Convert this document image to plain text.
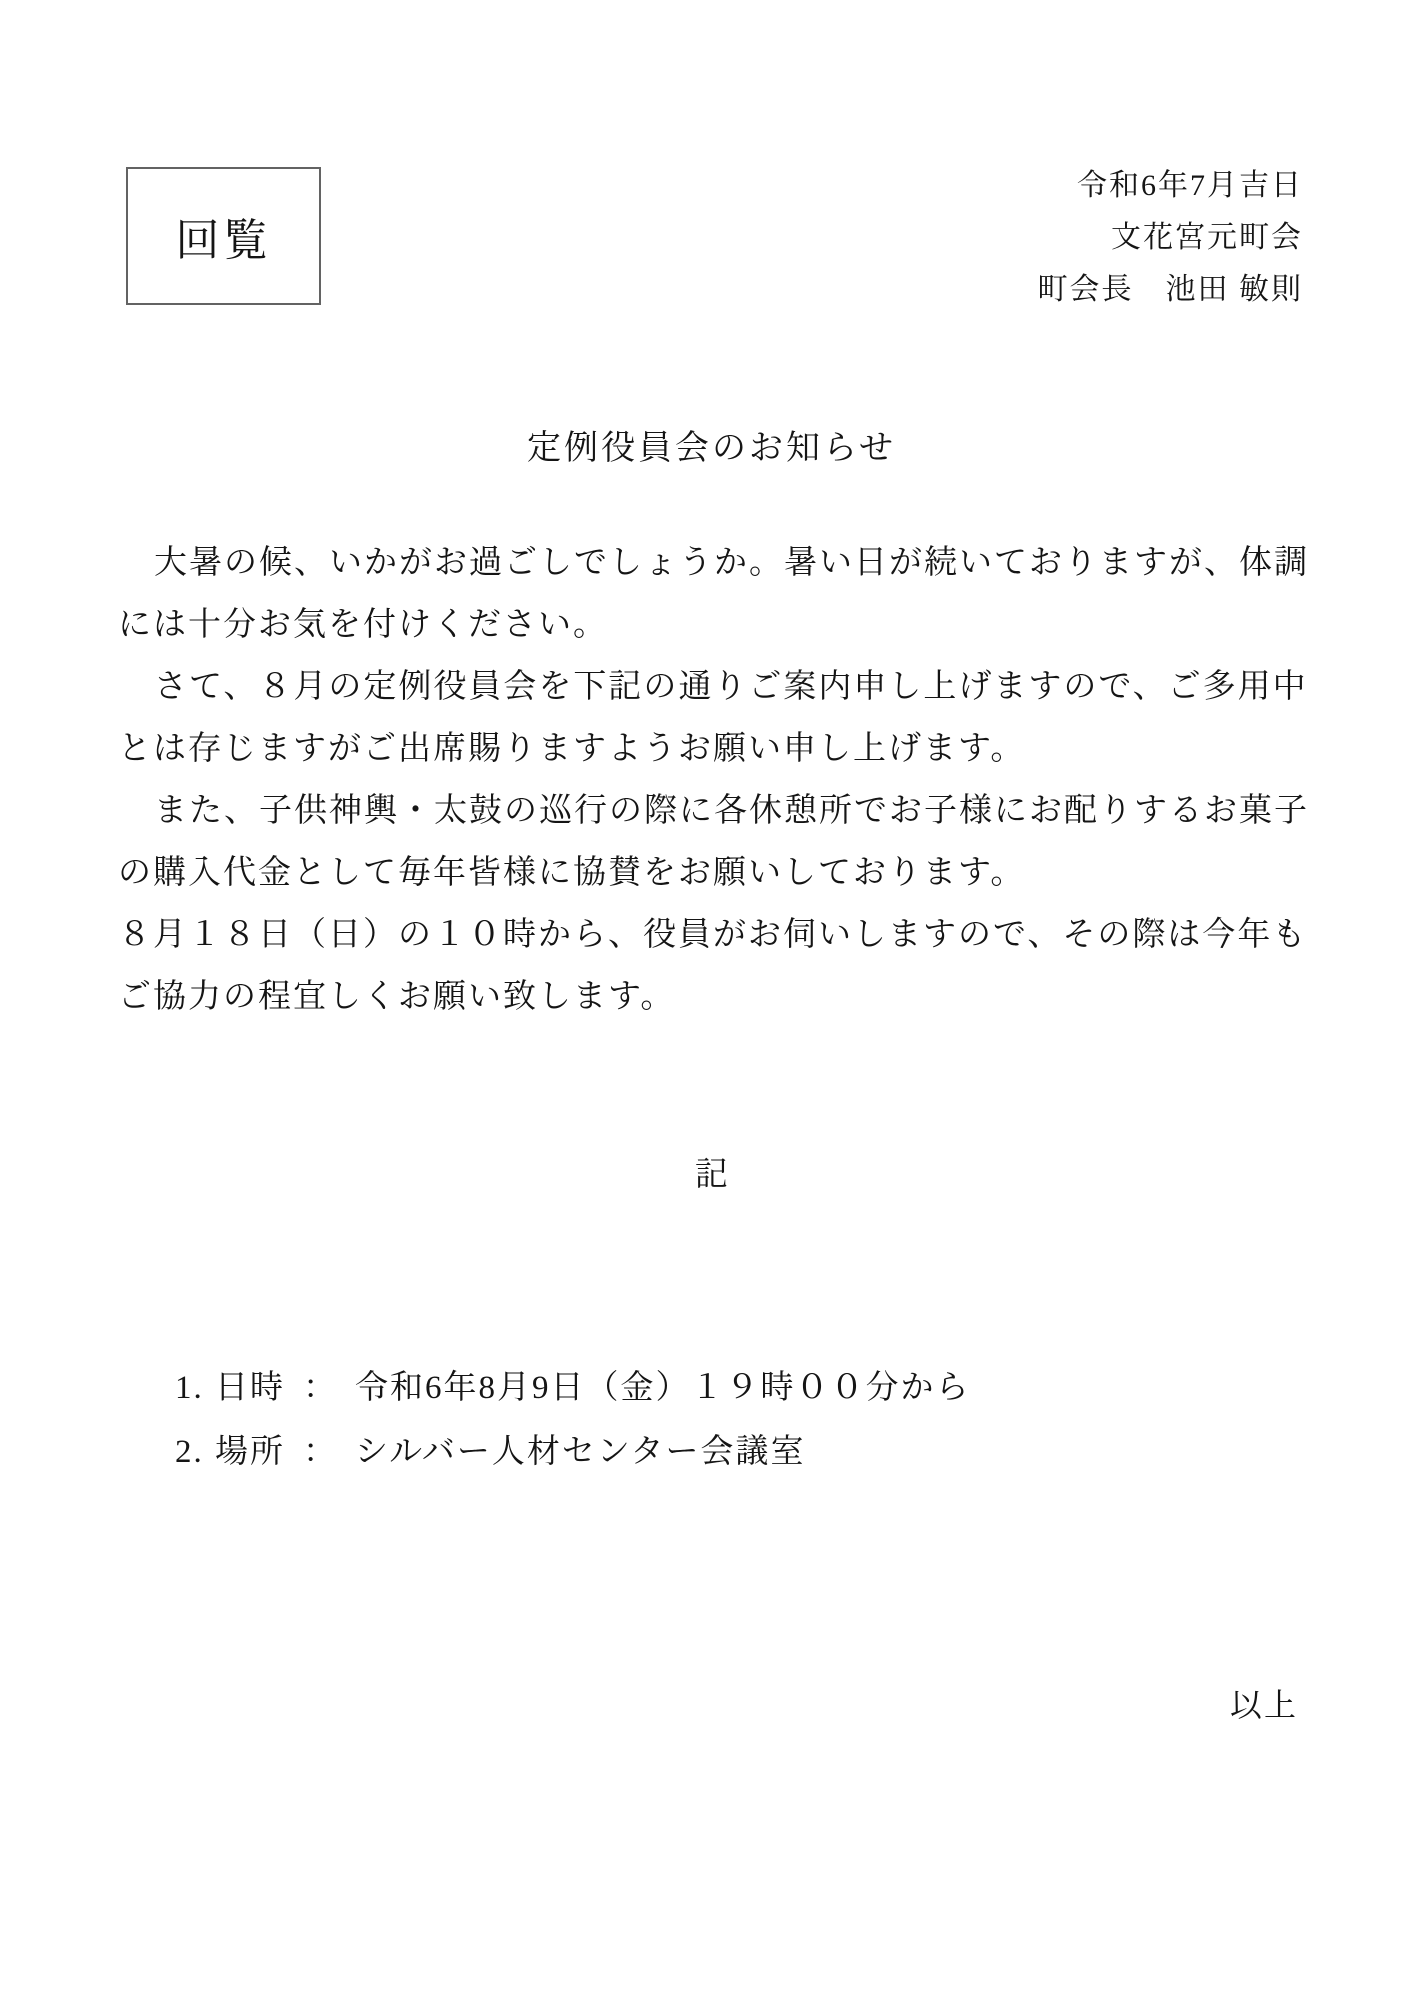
回覧
令和6年7月吉日
文花宮元町会
町会長　池田 敏則
定例役員会のお知らせ
大暑の候、いかがお過ごしでしょうか。暑い日が続いておりますが、体調
には十分お気を付けください。
さて、８月の定例役員会を下記の通りご案内申し上げますので、ご多用中
とは存じますがご出席賜りますようお願い申し上げます。
また、子供神輿・太鼓の巡行の際に各休憩所でお子様にお配りするお菓子
の購入代金として毎年皆様に協賛をお願いしております。
８月１８日（日）の１０時から、役員がお伺いしますので、その際は今年も
ご協力の程宜しくお願い致します。
記
1. 日時 ： 令和6年8月9日（金）１９時００分から
2. 場所 ： シルバー人材センター会議室
以上
